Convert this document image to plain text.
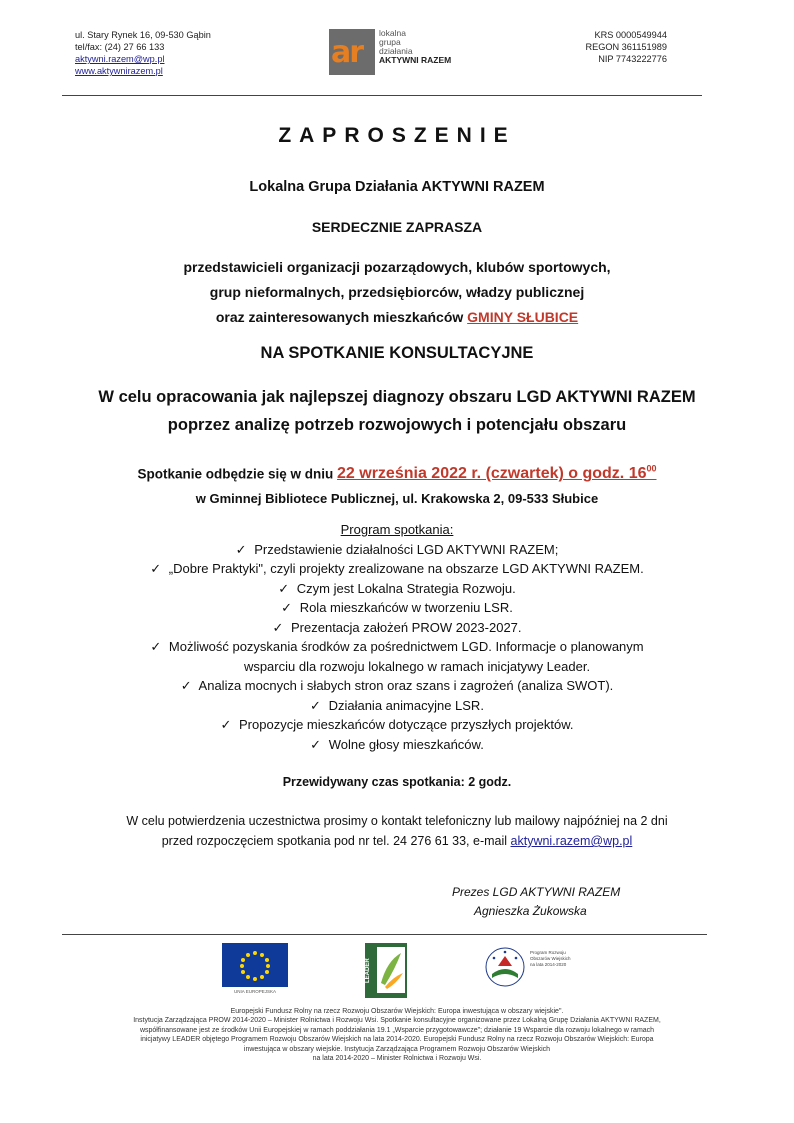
ul. Stary Rynek 16, 09-530 Gąbin
tel/fax: (24) 27 66 133
aktywni.razem@wp.pl
www.aktywnirazem.pl
ar
lokalna
grupa
działania
AKTYWNI RAZEM
KRS 0000549944
REGON 361151989
NIP 7743222776
ZAPROSZENIE
Lokalna Grupa Działania AKTYWNI RAZEM
SERDECZNIE ZAPRASZA
przedstawicieli organizacji pozarządowych, klubów sportowych,
grup nieformalnych, przedsiębiorców, władzy publicznej
oraz zainteresowanych mieszkańców GMINY SŁUBICE
NA SPOTKANIE KONSULTACYJNE
W celu opracowania jak najlepszej diagnozy obszaru LGD AKTYWNI RAZEM
poprzez analizę potrzeb rozwojowych i potencjału obszaru
Spotkanie odbędzie się w dniu 22 września 2022 r. (czwartek) o godz. $16^{00}$
w Gminnej Bibliotece Publicznej, ul. Krakowska 2, 09-533 Słubice
Program spotkania:
✓ Przedstawienie działalności LGD AKTYWNI RAZEM;
✓ „Dobre Praktyki", czyli projekty zrealizowane na obszarze LGD AKTYWNI RAZEM.
✓ Czym jest Lokalna Strategia Rozwoju.
✓ Rola mieszkańców w tworzeniu LSR.
✓ Prezentacja założeń PROW 2023-2027.
✓ Możliwość pozyskania środków za pośrednictwem LGD. Informacje o planowanym
wsparciu dla rozwoju lokalnego w ramach inicjatywy Leader.
✓ Analiza mocnych i słabych stron oraz szans i zagrożeń (analiza SWOT).
✓ Działania animacyjne LSR.
✓ Propozycje mieszkańców dotyczące przyszłych projektów.
✓ Wolne głosy mieszkańców.
Przewidywany czas spotkania: 2 godz.
W celu potwierdzenia uczestnictwa prosimy o kontakt telefoniczny lub mailowy najpóźniej na 2 dni
przed rozpoczęciem spotkania pod nr tel. 24 276 61 33, e-mail aktywni.razem@wp.pl
Prezes LGD AKTYWNI RAZEM
Agnieszka Żukowska
UNIA EUROPEJSKA
LEADER
Program Rozwoju Obszarów Wiejskich na lata 2014-2020
Europejski Fundusz Rolny na rzecz Rozwoju Obszarów Wiejskich: Europa inwestująca w obszary wiejskie".
Instytucja Zarządzająca PROW 2014-2020 – Minister Rolnictwa i Rozwoju Wsi. Spotkanie konsultacyjne organizowane przez Lokalną Grupę Działania AKTYWNI RAZEM,
współfinansowane jest ze środków Unii Europejskiej w ramach poddziałania 19.1 „Wsparcie przygotowawcze"; działanie 19 Wsparcie dla rozwoju lokalnego w ramach
inicjatywy LEADER objętego Programem Rozwoju Obszarów Wiejskich na lata 2014-2020. Europejski Fundusz Rolny na rzecz Rozwoju Obszarów Wiejskich: Europa
inwestująca w obszary wiejskie. Instytucja Zarządzająca Programem Rozwoju Obszarów Wiejskich
na lata 2014-2020 – Minister Rolnictwa i Rozwoju Wsi.
